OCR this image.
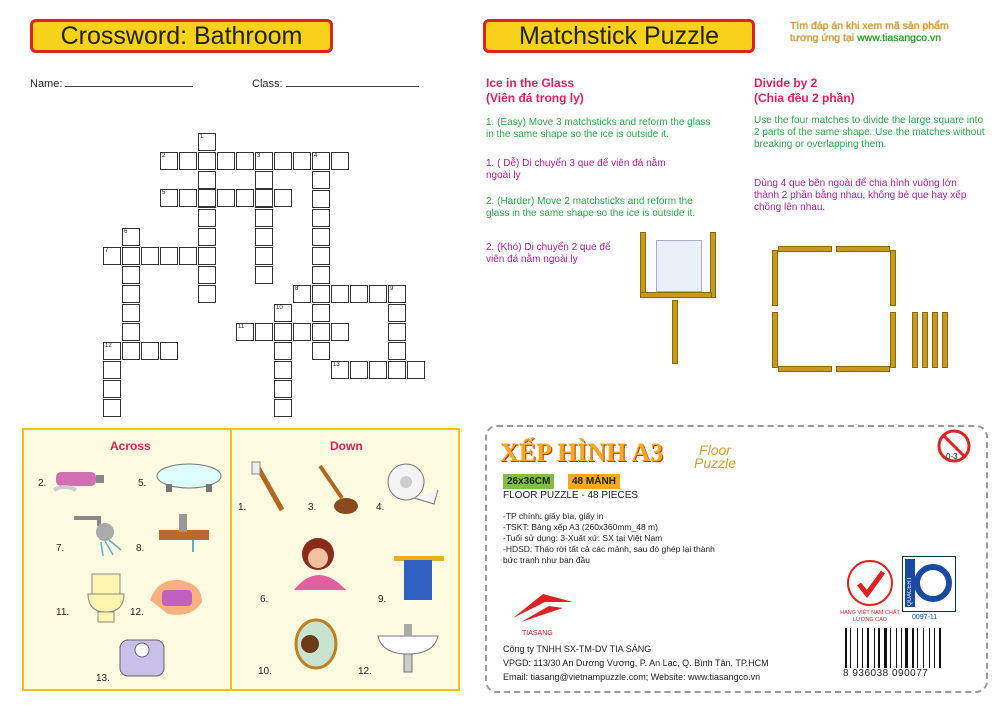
Crossword: Bathroom	Matchstick Puzzle	Tìm đáp án khi xem mã sản phẩm
tương ứng tại www.tiasangco.vn
Name:	Class:
2	3	4
1
5
6
7
8	9
10
11
12
13
Across	Down
2.	5.
7.	8.
11.	12.
13.
1.	3.	4.
6.	9.
10.	12.
Ice in the Glass
(Viên đá trong ly)
1. (Easy) Move 3 matchsticks and reform the glass in the same shape so the ice is outside it.
1. ( Dễ) Di chuyển 3 que để viên đá nằm ngoài ly
2. (Harder) Move 2 matchsticks and reform the glass in the same shape so the ice is outside it.
2. (Khó) Di chuyển 2 que để viên đá nằm ngoài ly
Divide by 2
(Chia đều 2 phần)
Use the four matches to divide the large square into 2 parts of the same shape. Use the matches without breaking or overlapping them.
Dùng 4 que bên ngoài để chia hình vuông lớn thành 2 phần bằng nhau, không bẻ que hay xếp chồng lên nhau.
XẾP HÌNH A3	Floor Puzzle
26x36CM	48 MẢNH
FLOOR PUZZLE - 48 PIECES
-TP chính: giấy bìa, giấy in
-TSKT: Bảng xếp A3 (260x360mm_48 m)
-Tuổi sử dụng: 3-Xuất xứ: SX tại Việt Nam
-HDSD: Tháo rời tất cả các mảnh, sau đó ghép lại thành
bức tranh như ban đầu
0-3
TIASANG
HÀNG VIỆT NAM CHẤT LƯỢNG CAO
QUACERT
0097-11
Công ty TNHH SX-TM-DV TIA SÁNG
VPGD: 113/30 An Dương Vương, P. An Lạc, Q. Bình Tân, TP.HCM
Email: tiasang@vietnampuzzle.com; Website: www.tiasangco.vn	8 936038 090077
